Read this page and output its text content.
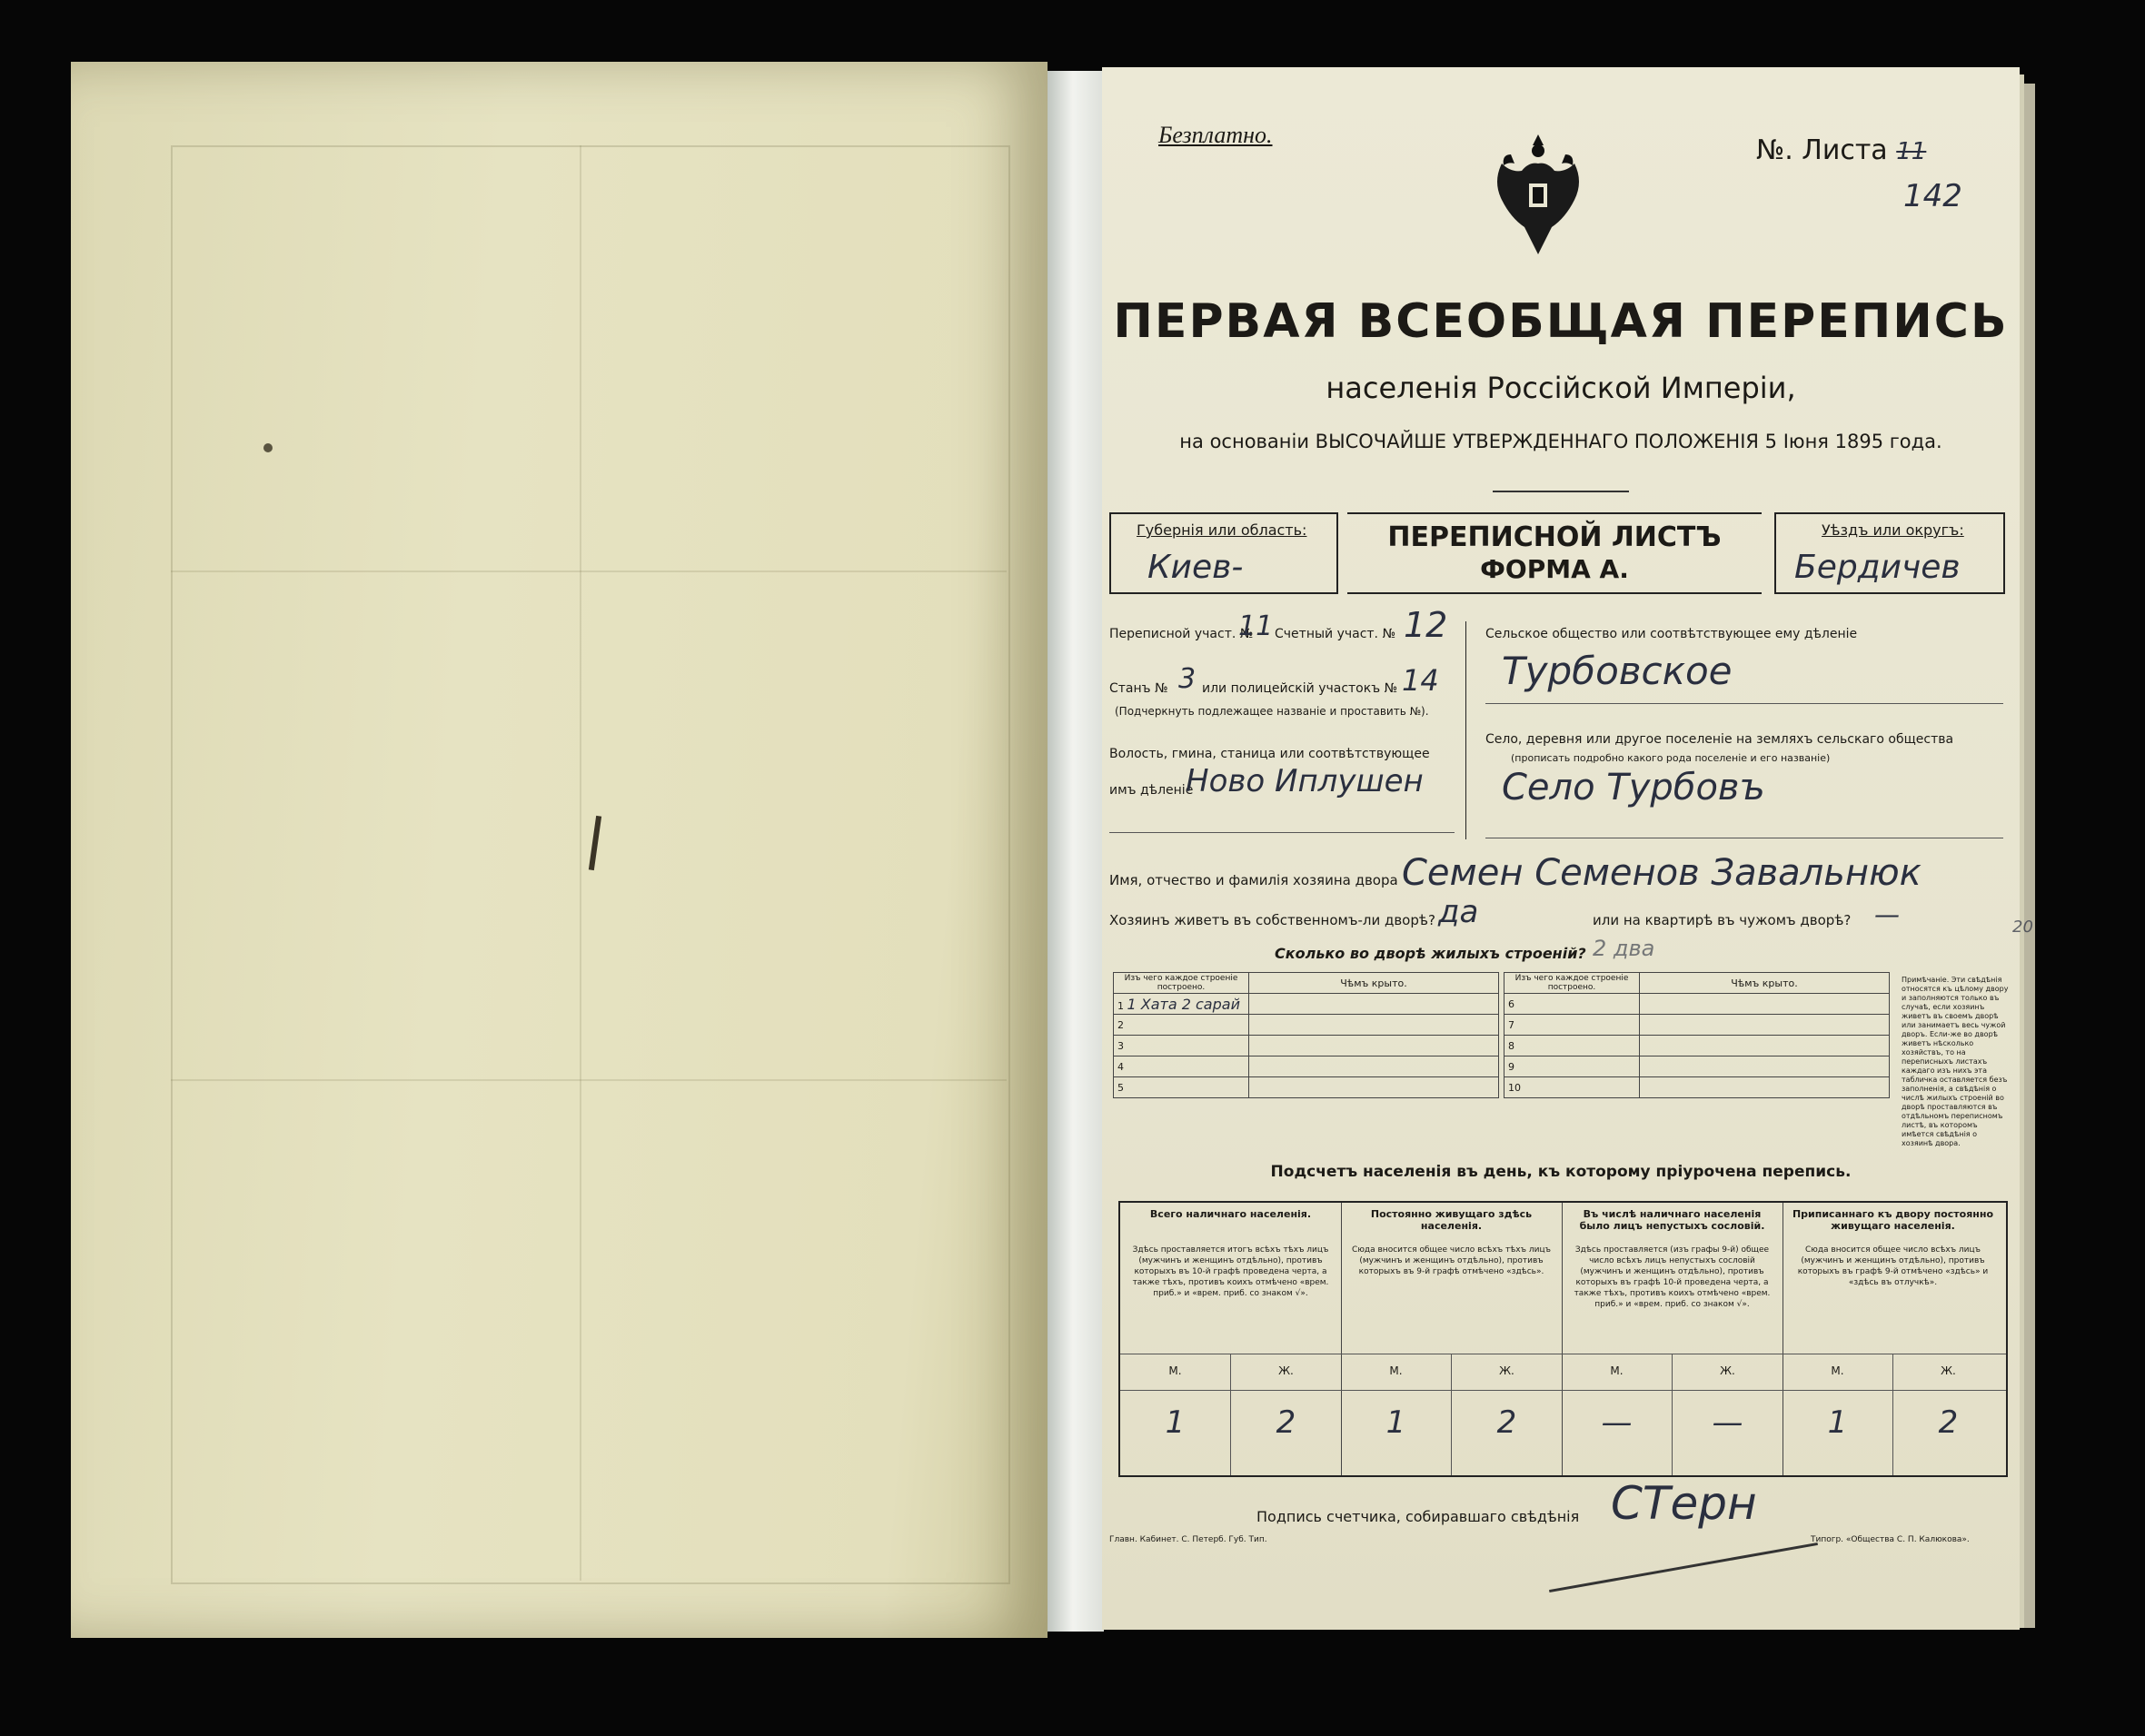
Безплатно.	№. Листа 11
142
ПЕРВАЯ ВСЕОБЩАЯ ПЕРЕПИСЬ
населенія Россійской Имперіи,
на основаніи ВЫСОЧАЙШЕ УТВЕРЖДЕННАГО ПОЛОЖЕНІЯ 5 Іюня 1895 года.
Губернія или область:
Киев-
ПЕРЕПИСНОЙ ЛИСТЪ
ФОРМА А.
Уѣздъ или округъ:
Бердичев
Переписной участ. №
11 Счетный участ. № 12
Станъ № 3 или полицейскій участокъ № 14
(Подчеркнуть подлежащее названіе и проставить №).
Волость, гмина, станица или соотвѣтствующее
имъ дѣленіе
Ново Иплушен
Сельское общество или соотвѣтствующее ему дѣленіе
Турбовское
Село, деревня или другое поселеніе на земляхъ сельскаго общества
(прописать подробно какого рода поселеніе и его названіе)
Село Турбовъ
Имя, отчество и фамилія хозяина двора Семен Семенов Завальнюк
Хозяинъ живетъ въ собственномъ-ли дворѣ? да	или на квартирѣ въ чужомъ дворѣ? —
Сколько во дворѣ жилыхъ строеній? 2 два
20
Изъ чего каждое строеніе построено.	Чѣмъ крыто.
1 1 Хата 2 сарай	
2	
3	
4	
5	
Изъ чего каждое строеніе построено.	Чѣмъ крыто.
6	
7	
8	
9	
10	
Примѣчаніе. Эти свѣдѣнія относятся къ цѣлому двору и заполняются только въ случаѣ, если хозяинъ живетъ въ своемъ дворѣ или занимаетъ весь чужой дворъ. Если-же во дворѣ живетъ нѣсколько хозяйствъ, то на переписныхъ листахъ каждаго изъ нихъ эта табличка оставляется безъ заполненія, а свѣдѣнія о числѣ жилыхъ строеній во дворѣ проставляются въ отдѣльномъ переписномъ листѣ, въ которомъ имѣется свѣдѣнія о хозяинѣ двора.
Подсчетъ населенія въ день, къ которому пріурочена перепись.
Всего наличнаго населенія.
Здѣсь проставляется итогъ всѣхъ тѣхъ лицъ (мужчинъ и женщинъ отдѣльно), противъ которыхъ въ 10-й графѣ проведена черта, а также тѣхъ, противъ коихъ отмѣчено «врем. приб.» и «врем. приб. со знаком √».
М.	Ж.
1	2
Постоянно живущаго здѣсь населенія.
Сюда вносится общее число всѣхъ тѣхъ лицъ (мужчинъ и женщинъ отдѣльно), противъ которыхъ въ 9-й графѣ отмѣчено «здѣсь».
М.	Ж.
1	2
Въ числѣ наличнаго населенія было лицъ непустыхъ сословій.
Здѣсь проставляется (изъ графы 9-й) общее число всѣхъ лицъ непустыхъ сословій (мужчинъ и женщинъ отдѣльно), противъ которыхъ въ графѣ 10-й проведена черта, а также тѣхъ, противъ коихъ отмѣчено «врем. приб.» и «врем. приб. со знаком √».
М.	Ж.
—	—
Приписаннаго къ двору постоянно живущаго населенія.
Сюда вносится общее число всѣхъ лицъ (мужчинъ и женщинъ отдѣльно), противъ которыхъ въ графѣ 9-й отмѣчено «здѣсь» и «здѣсь въ отлучкѣ».
М.	Ж.
1	2
Подпись счетчика, собиравшаго свѣдѣнія СТерн
Главн. Кабинет. С. Петерб. Губ. Тип.	Типогр. «Общества С. П. Калюкова».
